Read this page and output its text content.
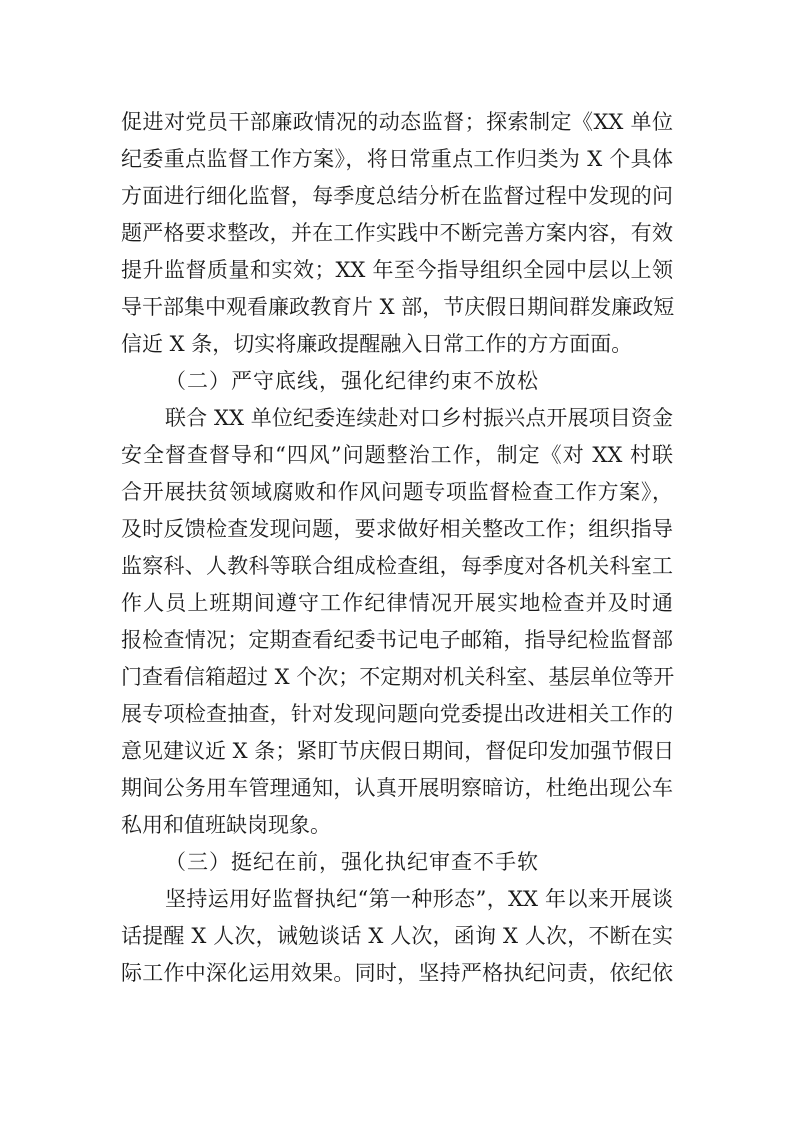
促进对党员干部廉政情况的动态监督；探索制定《XX 单位
纪委重点监督工作方案》，将日常重点工作归类为 X 个具体
方面进行细化监督，每季度总结分析在监督过程中发现的问
题严格要求整改，并在工作实践中不断完善方案内容，有效
提升监督质量和实效；XX 年至今指导组织全园中层以上领
导干部集中观看廉政教育片 X 部，节庆假日期间群发廉政短
信近 X 条，切实将廉政提醒融入日常工作的方方面面。
（二）严守底线，强化纪律约束不放松
联合 XX 单位纪委连续赴对口乡村振兴点开展项目资金
安全督查督导和“四风”问题整治工作，制定《对 XX 村联
合开展扶贫领域腐败和作风问题专项监督检查工作方案》，
及时反馈检查发现问题，要求做好相关整改工作；组织指导
监察科、人教科等联合组成检查组，每季度对各机关科室工
作人员上班期间遵守工作纪律情况开展实地检查并及时通
报检查情况；定期查看纪委书记电子邮箱，指导纪检监督部
门查看信箱超过 X 个次；不定期对机关科室、基层单位等开
展专项检查抽查，针对发现问题向党委提出改进相关工作的
意见建议近 X 条；紧盯节庆假日期间，督促印发加强节假日
期间公务用车管理通知，认真开展明察暗访，杜绝出现公车
私用和值班缺岗现象。
（三）挺纪在前，强化执纪审查不手软
坚持运用好监督执纪“第一种形态”，XX 年以来开展谈
话提醒 X 人次，诫勉谈话 X 人次，函询 X 人次，不断在实
际工作中深化运用效果。同时，坚持严格执纪问责，依纪依
